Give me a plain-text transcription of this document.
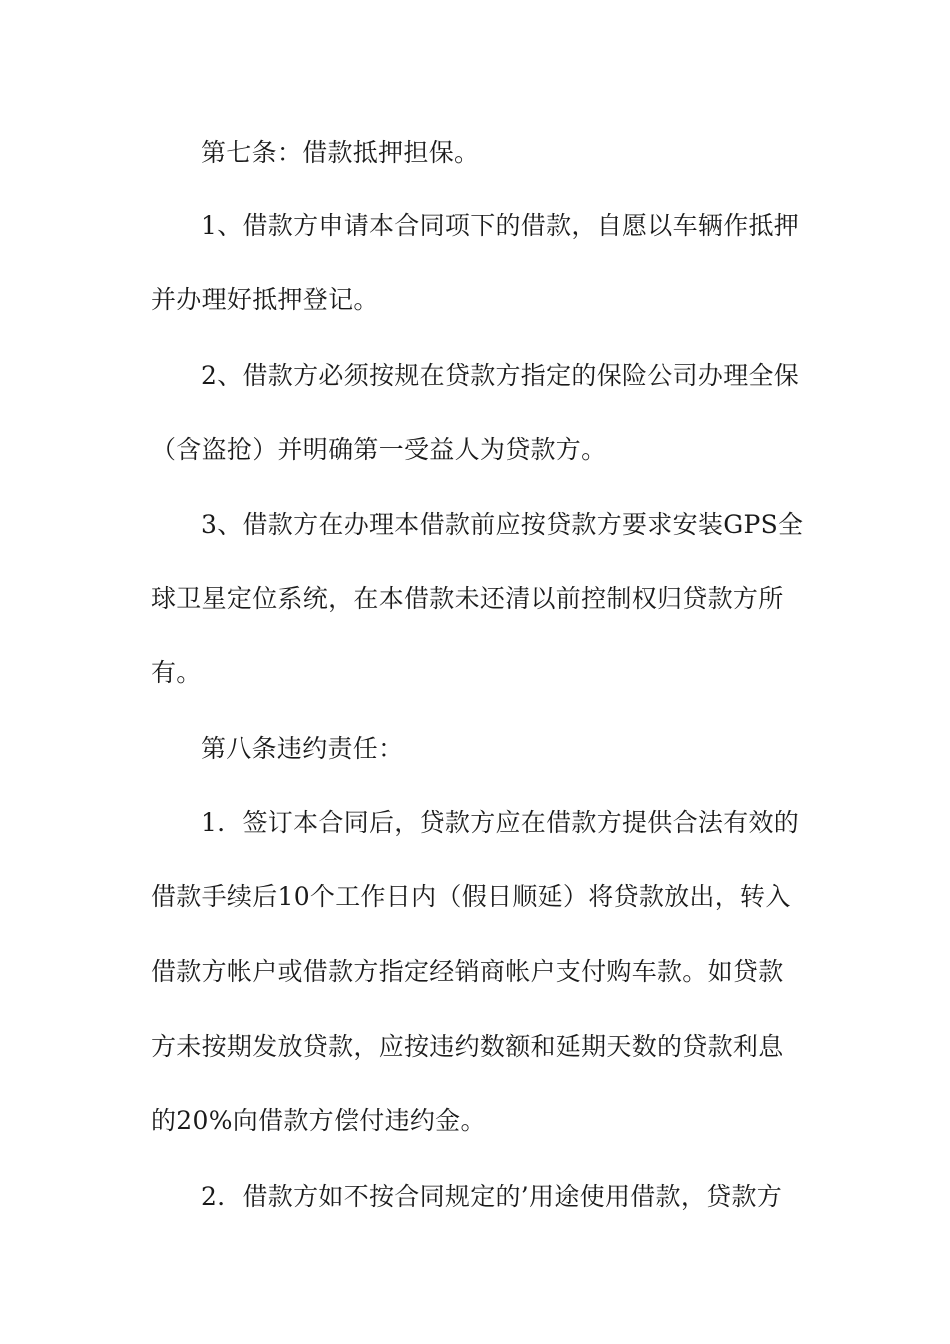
第七条：借款抵押担保。
1、借款方申请本合同项下的借款，自愿以车辆作抵押
并办理好抵押登记。
2、借款方必须按规在贷款方指定的保险公司办理全保
（含盗抢）并明确第一受益人为贷款方。
3、借款方在办理本借款前应按贷款方要求安装GPS全
球卫星定位系统，在本借款未还清以前控制权归贷款方所
有。
第八条违约责任：
1．签订本合同后，贷款方应在借款方提供合法有效的
借款手续后10个工作日内（假日顺延）将贷款放出，转入
借款方帐户或借款方指定经销商帐户支付购车款。如贷款
方未按期发放贷款，应按违约数额和延期天数的贷款利息
的20%向借款方偿付违约金。
2．借款方如不按合同规定的’用途使用借款，贷款方
